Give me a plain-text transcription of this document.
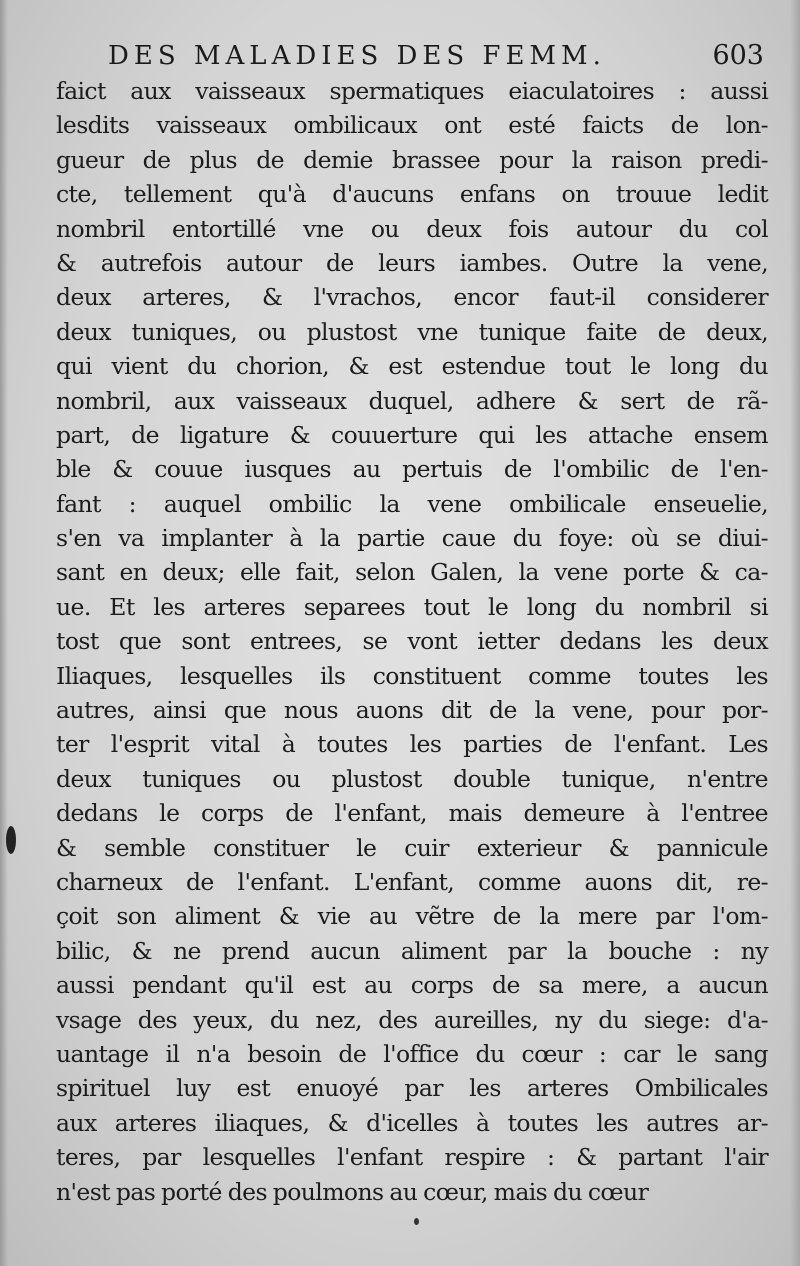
DES MALADIES DES FEMM.	603
faict aux vaisseaux spermatiques eiaculatoires : aussi
lesdits vaisseaux ombilicaux ont esté faicts de lon-
gueur de plus de demie brassee pour la raison predi-
cte, tellement qu'à d'aucuns enfans on trouue ledit
nombril entortillé vne ou deux fois autour du col
& autrefois autour de leurs iambes. Outre la vene,
deux arteres, & l'vrachos, encor faut-il considerer
deux tuniques, ou plustost vne tunique faite de deux,
qui vient du chorion, & est estendue tout le long du
nombril, aux vaisseaux duquel, adhere & sert de rã-
part, de ligature & couuerture qui les attache ensem
ble & couue iusques au pertuis de l'ombilic de l'en-
fant : auquel ombilic la vene ombilicale enseuelie,
s'en va implanter à la partie caue du foye: où se diui-
sant en deux; elle fait, selon Galen, la vene porte & ca-
ue. Et les arteres separees tout le long du nombril si
tost que sont entrees, se vont ietter dedans les deux
Iliaques, lesquelles ils constituent comme toutes les
autres, ainsi que nous auons dit de la vene, pour por-
ter l'esprit vital à toutes les parties de l'enfant. Les
deux tuniques ou plustost double tunique, n'entre
dedans le corps de l'enfant, mais demeure à l'entree
& semble constituer le cuir exterieur & pannicule
charneux de l'enfant. L'enfant, comme auons dit, re-
çoit son aliment & vie au vẽtre de la mere par l'om-
bilic, & ne prend aucun aliment par la bouche : ny
aussi pendant qu'il est au corps de sa mere, a aucun
vsage des yeux, du nez, des aureilles, ny du siege: d'a-
uantage il n'a besoin de l'office du cœur : car le sang
spirituel luy est enuoyé par les arteres Ombilicales
aux arteres iliaques, & d'icelles à toutes les autres ar-
teres, par lesquelles l'enfant respire : & partant l'air
n'est pas porté des poulmons au cœur, mais du cœur
